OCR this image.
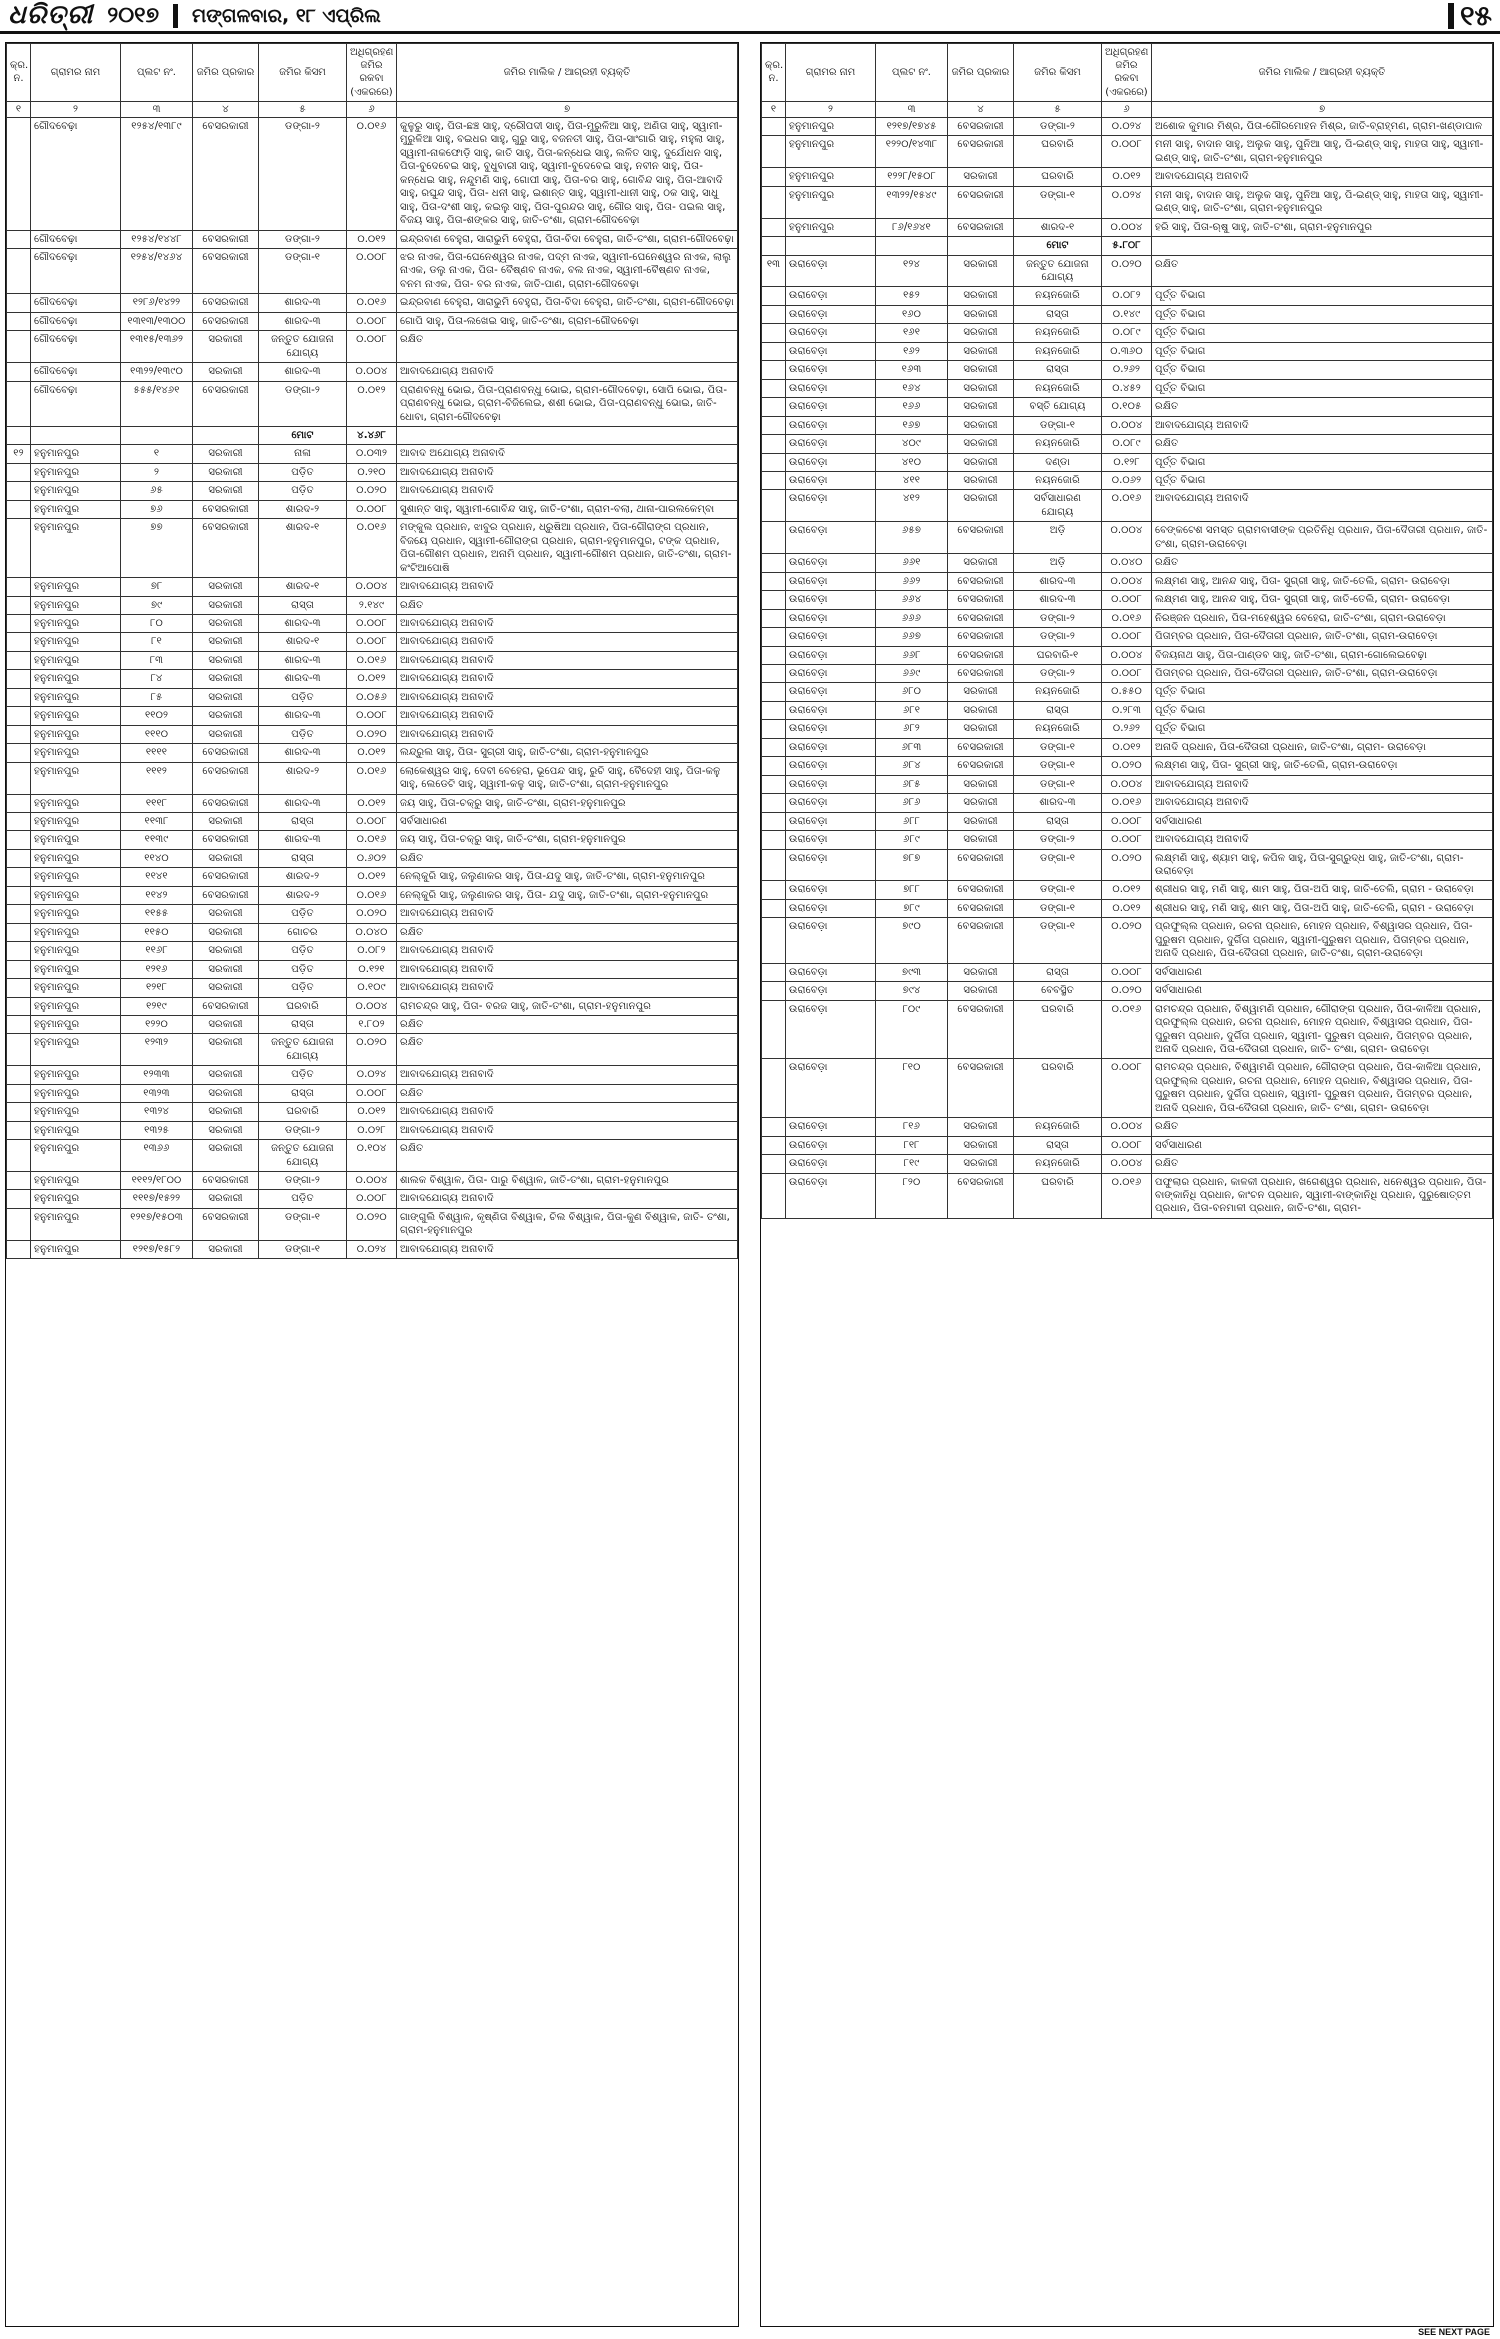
ଧରିତ୍ରୀ ୨୦୧୭ ମଙ୍ଗଳବାର, ୧୮ ଏପ୍ରିଲ	୧୫
କ୍ର. ନ.	ଗ୍ରାମର ନାମ	ପ୍ଲଟ ନଂ.	ଜମିର ପ୍ରକାର	ଜମିର କିସମ	ଅଧିଗ୍ରହଣ ଜମିର ରକବା (ଏକରରେ)	ଜମିର ମାଲିକ / ଆଗ୍ରହୀ ବ୍ୟକ୍ତି
୧	୨	୩	୪	୫	୬	୭
	ଗୌଦବେଢ଼ା	୧୨୫୪/୧୩୮୯	ବେସରକାରୀ	ଡଙ୍ଗା-୨	୦.୦୧୬	କୁଳୁରୁ ସାହୁ, ପିତା-ଛଞ୍ଚ ସାହୁ, ଦ୍ରୌପଦୀ ସାହୁ, ପିତା-ମୁରୁଳିଆ ସାହୁ, ଅଣିତା ସାହୁ, ସ୍ୱାମୀ-ମୁରୁଳିଆ ସାହୁ, ବଇଧର ସାହୁ, ଗୁରୁ ସାହୁ, ବଜନତୀ ସାହୁ, ପିତା-ସାଂଗାରି ସାହୁ, ମହୁଲା ସାହୁ, ସ୍ୱାମୀ-ନାକଫୋଡ଼ି ସାହୁ, କାତି ସାହୁ, ପିତା-କନ୍ଧେଇ ସାହୁ, ଲଳିତ ସାହୁ, ଦୁର୍ଯୋଧନ ସାହୁ, ପିତା-ବୁଦେବେଇ ସାହୁ, ବୁଧୁବାରୀ ସାହୁ, ସ୍ୱାମୀ-ବୁଦେବେଇ ସାହୁ, ନବୀନ ସାହୁ, ପିତା-କନ୍ଧେଇ ସାହୁ, ନନ୍ଦୁମଣି ସାହୁ, ଗୋପୀ ସାହୁ, ପିତା-ବର ସାହୁ, ଗୋବିନ୍ଦ ସାହୁ, ପିତା-ଆବାଦି ସାହୁ, ରଘୁନ୍ଦ ସାହୁ, ପିତା- ଧନୀ ସାହୁ, ଇଶାନ୍ତ ସାହୁ, ସ୍ୱାମୀ-ଧାନୀ ସାହୁ, ଠକ ସାହୁ, ସାଧୁ ସାହୁ, ପିତା-ଦଂଶୀ ସାହୁ, କଇଲୁ ସାହୁ, ପିତା-ପୁରନ୍ଦର ସାହୁ, ଗୌର ସାହୁ, ପିତା- ପଇଲ ସାହୁ, ବିଜୟ ସାହୁ, ପିତା-ଶଙ୍କର ସାହୁ, ଜାତି-ତଂଶା, ଗ୍ରାମ-ଗୌଦବେଢ଼ା
	ଗୌଦବେଢ଼ା	୧୨୫୪/୧୪୪୮	ବେସରକାରୀ	ଡଙ୍ଗା-୨	୦.୦୧୨	ଇନ୍ଦ୍ରବାଣ ବେହୁରା, ସାରାଭୁମି ବେହୁରା, ପିତା-ବିଦା ବେହୁରା, ଜାତି-ତଂଶା, ଗ୍ରାମ-ଗୌଦବେଢ଼ା
	ଗୌଦବେଢ଼ା	୧୨୫୪/୧୪୬୪	ବେସରକାରୀ	ଡଙ୍ଗା-୧	୦.୦୦୮	ଝର ନାଏକ, ପିତା-ଘେନେଶ୍ୱର ନାଏକ, ପଦ୍ମ ନାଏକ, ସ୍ୱାମୀ-ଘେନେଶ୍ୱର ନାଏକ, ଲାଲୁ ନାଏକ, ଡଲୁ ନାଏକ, ପିତା- ବୈଷ୍ଣବ ନାଏକ, ବଲ ନାଏକ, ସ୍ୱାମୀ-ବୈଷ୍ଣବ ନାଏକ, ବନମ ନାଏକ, ପିତା- ବର ନାଏକ, ଜାତି-ପାଣ, ଗ୍ରାମ-ଗୌଦବେଢ଼ା
	ଗୌଦବେଢ଼ା	୧୨୮୬/୧୪୨୨	ବେସରକାରୀ	ଶାରଦ-୩	୦.୦୧୬	ଇନ୍ଦ୍ରବାଣ ବେହୁରା, ସାରାଭୁମି ବେହୁରା, ପିତା-ବିଦା ବେହୁରା, ଜାତି-ତଂଶା, ଗ୍ରାମ-ଗୌଦବେଢ଼ା
	ଗୌଦବେଢ଼ା	୧୩୧୩/୧୩୦୦	ବେସରକାରୀ	ଶାରଦ-୩	୦.୦୦୮	ଗୋପି ସାହୁ, ପିତା-ଲଖେଇ ସାହୁ, ଜାତି-ତଂଶା, ଗ୍ରାମ-ଗୌଦବେଢ଼ା
	ଗୌଦବେଢ଼ା	୧୩୧୫/୧୩୬୨	ସରକାରୀ	ଜନ୍ତୁତ ଯୋଜନା ଯୋଗ୍ୟ	୦.୦୦୮	ରକ୍ଷିତ
	ଗୌଦବେଢ଼ା	୧୩୨୨/୧୩୯୦	ସରକାରୀ	ଶାରଦ-୩	୦.୦୦୪	ଆବାଦଯୋଗ୍ୟ ଅନାବାଦି
	ଗୌଦବେଢ଼ା	୫୫୫/୧୪୬୧	ବେସରକାରୀ	ଡଙ୍ଗା-୨	୦.୦୧୨	ପ୍ରାଣବନ୍ଧୁ ଭୋଇ, ପିତା-ପ୍ରାଣବନ୍ଧୁ ଭୋଇ, ଗ୍ରାମ-ଗୌଦବେଢ଼ା, ସୋପି ଭୋଇ, ପିତା-ପ୍ରାଣବନ୍ଧୁ ଭୋଇ, ଗ୍ରାମ-ବିଜିଲେଇ, ଶଶୀ ଭୋଇ, ପିତା-ପ୍ରାଣବନ୍ଧୁ ଭୋଇ, ଜାତି-ଧୋବା, ଗ୍ରାମ-ଗୌଦବେଢ଼ା
				ମୋଟ	୪.୪୬୮	
୧୨	ହନୁମାନପୁର	୧	ସରକାରୀ	ନାଳା	୦.୦୩୨	ଆବାଦ ଅଯୋଗ୍ୟ ଅନାବାଦି
	ହନୁମାନପୁର	୨	ସରକାରୀ	ପଡ଼ିତ	୦.୨୧୦	ଆବାଦଯୋଗ୍ୟ ଅନାବାଦି
	ହନୁମାନପୁର	୬୫	ସରକାରୀ	ପଡ଼ିତ	୦.୦୨୦	ଆବାଦଯୋଗ୍ୟ ଅନାବାଦି
	ହନୁମାନପୁର	୭୬	ବେସରକାରୀ	ଶାରଦ-୨	୦.୦୦୮	ସୁଶାନ୍ତ ସାହୁ, ସ୍ୱାମୀ-ଗୋବିନ୍ଦ ସାହୁ, ଜାତି-ତଂଶା, ଗ୍ରାମ-ବଲା, ଥାନା-ପାରଲକେମ୍ବା
	ହନୁମାନପୁର	୭୭	ବେସରକାରୀ	ଶାରଦ-୧	୦.୦୧୬	ମଙ୍କୁଲ ପ୍ରଧାନ, ଝାବୁର ପ୍ରଧାନ, ଧ୍ରୁଷିଆ ପ୍ରଧାନ, ପିତା-ଗୌରାଙ୍ଗ ପ୍ରଧାନ, ବିଜୟେ ପ୍ରଧାନ, ସ୍ୱାମୀ-ଗୌରାଙ୍ଗ ପ୍ରଧାନ, ଗ୍ରାମ-ହନୁମାନପୁର, ଟଙ୍କ ପ୍ରଧାନ, ପିତା-ଗୌଶମ ପ୍ରଧାନ, ଅନାମି ପ୍ରଧାନ, ସ୍ୱାମୀ-ଗୌଶମ ପ୍ରଧାନ, ଜାତି-ତଂଶା, ଗ୍ରାମ-କଂଟିଆପୋଷି
	ହନୁମାନପୁର	୭୮	ସରକାରୀ	ଶାରଦ-୧	୦.୦୦୪	ଆବାଦଯୋଗ୍ୟ ଅନାବାଦି
	ହନୁମାନପୁର	୭୯	ସରକାରୀ	ରାସ୍ତା	୨.୧୪୯	ରକ୍ଷିତ
	ହନୁମାନପୁର	୮୦	ସରକାରୀ	ଶାରଦ-୩	୦.୦୦୮	ଆବାଦଯୋଗ୍ୟ ଅନାବାଦି
	ହନୁମାନପୁର	୮୧	ସରକାରୀ	ଶାରଦ-୧	୦.୦୦୮	ଆବାଦଯୋଗ୍ୟ ଅନାବାଦି
	ହନୁମାନପୁର	୮୩	ସରକାରୀ	ଶାରଦ-୩	୦.୦୧୬	ଆବାଦଯୋଗ୍ୟ ଅନାବାଦି
	ହନୁମାନପୁର	୮୪	ସରକାରୀ	ଶାରଦ-୩	୦.୦୧୨	ଆବାଦଯୋଗ୍ୟ ଅନାବାଦି
	ହନୁମାନପୁର	୮୫	ସରକାରୀ	ପଡ଼ିତ	୦.୦୫୬	ଆବାଦଯୋଗ୍ୟ ଅନାବାଦି
	ହନୁମାନପୁର	୧୧୦୨	ସରକାରୀ	ଶାରଦ-୩	୦.୦୦୮	ଆବାଦଯୋଗ୍ୟ ଅନାବାଦି
	ହନୁମାନପୁର	୧୧୧୦	ସରକାରୀ	ପଡ଼ିତ	୦.୦୨୦	ଆବାଦଯୋଗ୍ୟ ଅନାବାଦି
	ହନୁମାନପୁର	୧୧୧୧	ବେସରକାରୀ	ଶାରଦ-୩	୦.୦୧୨	ଲନ୍ଦ୍ରୁଲ ସାହୁ, ପିତା- ସୁଗ୍ରୀ ସାହୁ, ଜାତି-ତଂଶା, ଗ୍ରାମ-ହନୁମାନପୁର
	ହନୁମାନପୁର	୧୧୧୨	ବେସରକାରୀ	ଶାରଦ-୨	୦.୦୧୬	ଲୋକେଶ୍ୱର ସାହୁ, ଦେବୀ ବେହେରା, ଭୂପେନ୍ଦ ସାହୁ, ରୁଚି ସାହୁ, ବୈଦେହୀ ସାହୁ, ପିତା-କଳୁ ସାହୁ, ଲେଡେଟି ସାହୁ, ସ୍ୱାମୀ-କଳୁ ସାହୁ, ଜାତି-ତଂଶା, ଗ୍ରାମ-ହନୁମାନପୁର
	ହନୁମାନପୁର	୧୧୧୮	ବେସରକାରୀ	ଶାରଦ-୩	୦.୦୧୨	ଜୟ ସାହୁ, ପିତା-ଚକ୍ରୁ ସାହୁ, ଜାତି-ତଂଶା, ଗ୍ରାମ-ହନୁମାନପୁର
	ହନୁମାନପୁର	୧୧୩୮	ସରକାରୀ	ରାସ୍ତା	୦.୦୦୮	ସର୍ବସାଧାରଣ
	ହନୁମାନପୁର	୧୧୩୯	ବେସରକାରୀ	ଶାରଦ-୩	୦.୦୧୬	ଜୟ ସାହୁ, ପିତା-ଚକ୍ରୁ ସାହୁ, ଜାତି-ତଂଶା, ଗ୍ରାମ-ହନୁମାନପୁର
	ହନୁମାନପୁର	୧୧୪୦	ସରକାରୀ	ରାସ୍ତା	୦.୬୦୨	ରକ୍ଷିତ
	ହନୁମାନପୁର	୧୧୪୧	ବେସରକାରୀ	ଶାରଦ-୨	୦.୦୧୨	ନେଲ୍କୁରି ସାହୁ, ଜଲୁଣାକର ସାହୁ, ପିତା-ଯଦୁ ସାହୁ, ଜାତି-ତଂଶା, ଗ୍ରାମ-ହନୁମାନପୁର
	ହନୁମାନପୁର	୧୧୪୨	ବେସରକାରୀ	ଶାରଦ-୨	୦.୦୧୬	ନେଲ୍କୁରି ସାହୁ, ଜଲୁଣାକର ସାହୁ, ପିତା- ଯଦୁ ସାହୁ, ଜାତି-ତଂଶା, ଗ୍ରାମ-ହନୁମାନପୁର
	ହନୁମାନପୁର	୧୧୫୫	ସରକାରୀ	ପଡ଼ିତ	୦.୦୨୦	ଆବାଦଯୋଗ୍ୟ ଅନାବାଦି
	ହନୁମାନପୁର	୧୧୫୦	ସରକାରୀ	ଗୋଚର	୦.୦୪୦	ରକ୍ଷିତ
	ହନୁମାନପୁର	୧୧୬୮	ସରକାରୀ	ପଡ଼ିତ	୦.୦୮୨	ଆବାଦଯୋଗ୍ୟ ଅନାବାଦି
	ହନୁମାନପୁର	୧୨୧୬	ସରକାରୀ	ପଡ଼ିତ	୦.୧୨୧	ଆବାଦଯୋଗ୍ୟ ଅନାବାଦି
	ହନୁମାନପୁର	୧୨୧୮	ସରକାରୀ	ପଡ଼ିତ	୦.୧୦୯	ଆବାଦଯୋଗ୍ୟ ଅନାବାଦି
	ହନୁମାନପୁର	୧୨୧୯	ବେସରକାରୀ	ଘରବାରି	୦.୦୦୪	ରାମଚନ୍ଦ୍ର ସାହୁ, ପିତା- ବରଜ ସାହୁ, ଜାତି-ତଂଶା, ଗ୍ରାମ-ହନୁମାନପୁର
	ହନୁମାନପୁର	୧୨୨୦	ସରକାରୀ	ରାସ୍ତା	୧.୮୦୨	ରକ୍ଷିତ
	ହନୁମାନପୁର	୧୨୩୨	ସରକାରୀ	ଜନ୍ତୁତ ଯୋଜନା ଯୋଗ୍ୟ	୦.୦୨୦	ରକ୍ଷିତ
	ହନୁମାନପୁର	୧୨୩୩	ସରକାରୀ	ପଡ଼ିତ	୦.୦୨୪	ଆବାଦଯୋଗ୍ୟ ଅନାବାଦି
	ହନୁମାନପୁର	୧୩୨୩	ସରକାରୀ	ରାସ୍ତା	୦.୦୦୮	ରକ୍ଷିତ
	ହନୁମାନପୁର	୧୩୨୪	ସରକାରୀ	ଘରବାରି	୦.୦୧୨	ଆବାଦଯୋଗ୍ୟ ଅନାବାଦି
	ହନୁମାନପୁର	୧୩୨୫	ସରକାରୀ	ଡଙ୍ଗା-୨	୦.୦୨୮	ଆବାଦଯୋଗ୍ୟ ଅନାବାଦି
	ହନୁମାନପୁର	୧୩୬୬	ସରକାରୀ	ଜନ୍ତୁତ ଯୋଜନା ଯୋଗ୍ୟ	୦.୧୦୪	ରକ୍ଷିତ
	ହନୁମାନପୁର	୧୧୧୨/୧୮୦୦	ବେସରକାରୀ	ଡଙ୍ଗା-୨	୦.୦୦୪	ଶାଲକ ବିଶ୍ୱାଳ, ପିତା- ପାରୁ ବିଶ୍ୱାଳ, ଜାତି-ତଂଶା, ଗ୍ରାମ-ହନୁମାନପୁର
	ହନୁମାନପୁର	୧୧୧୭/୧୫୨୨	ସରକାରୀ	ପଡ଼ିତ	୦.୦୦୮	ଆବାଦଯୋଗ୍ୟ ଅନାବାଦି
	ହନୁମାନପୁର	୧୨୧୭/୧୫୦୩	ବେସରକାରୀ	ଡଙ୍ଗା-୧	୦.୦୨୦	ଗାଙ୍ଗୁଲି ବିଶ୍ୱାଳ, କୃଷ୍ଣିତା ବିଶ୍ୱାଳ, ଚିଲ ବିଶ୍ୱାଳ, ପିତା-କୁଣ ବିଶ୍ୱାଳ, ଜାତି- ତଂଶା, ଗ୍ରାମ-ହନୁମାନପୁର
	ହନୁମାନପୁର	୧୨୧୭/୧୫୮୨	ସରକାରୀ	ଡଙ୍ଗା-୧	୦.୦୨୪	ଆବାଦଯୋଗ୍ୟ ଅନାବାଦି
କ୍ର. ନ.	ଗ୍ରାମର ନାମ	ପ୍ଲଟ ନଂ.	ଜମିର ପ୍ରକାର	ଜମିର କିସମ	ଅଧିଗ୍ରହଣ ଜମିର ରକବା (ଏକରରେ)	ଜମିର ମାଲିକ / ଆଗ୍ରହୀ ବ୍ୟକ୍ତି
୧	୨	୩	୪	୫	୬	୭
	ହନୁମାନପୁର	୧୨୧୭/୧୭୪୫	ବେସରକାରୀ	ଡଙ୍ଗା-୨	୦.୦୨୪	ଅଶୋକ କୁମାର ମିଶ୍ର, ପିତା-ଗୌରମୋହନ ମିଶ୍ର, ଜାତି-ବ୍ରାହ୍ମଣ, ଗ୍ରାମ-ଖଣ୍ଡାପାଳ
	ହନୁମାନପୁର	୧୨୨୦/୧୪୩୮	ବେସରକାରୀ	ଘରବାରି	୦.୦୦୮	ମନୀ ସାହୁ, ବାଦାନ ସାହୁ, ଅଲୁକ ସାହୁ, ପୁନିଆ ସାହୁ, ପି-ଇଣ୍ଡ୍ ସାହୁ, ମାହତା ସାହୁ, ସ୍ୱାମୀ-ଇଣ୍ଡ୍ ସାହୁ, ଜାତି-ତଂଶା, ଗ୍ରାମ-ହନୁମାନପୁର
	ହନୁମାନପୁର	୧୨୨୮/୧୫୦୮	ସରକାରୀ	ଘରବାରି	୦.୦୧୨	ଆବାଦଯୋଗ୍ୟ ଅନାବାଦି
	ହନୁମାନପୁର	୧୩୨୨/୧୫୪୯	ବେସରକାରୀ	ଡଙ୍ଗା-୧	୦.୦୨୪	ମନୀ ସାହୁ, ବାଦାନ ସାହୁ, ଅଲୁକ ସାହୁ, ପୁନିଆ ସାହୁ, ପି-ଇଣ୍ଡ୍ ସାହୁ, ମାହତା ସାହୁ, ସ୍ୱାମୀ-ଇଣ୍ଡ୍ ସାହୁ, ଜାତି-ତଂଶା, ଗ୍ରାମ-ହନୁମାନପୁର
	ହନୁମାନପୁର	୮୬/୧୬୪୧	ବେସରକାରୀ	ଶାରଦ-୧	୦.୦୦୪	ହରି ସାହୁ, ପିତା-ଋଷୁ ସାହୁ, ଜାତି-ତଂଶା, ଗ୍ରାମ-ହନୁମାନପୁର
				ମୋଟ	୫.୮୦୮	
୧୩	ଉରାବେଡ଼ା	୧୨୪	ସରକାରୀ	ଜନ୍ତୁତ ଯୋଜନା ଯୋଗ୍ୟ	୦.୦୨୦	ରକ୍ଷିତ
	ଉରାବେଡ଼ା	୧୫୨	ସରକାରୀ	ନୟନଜୋରି	୦.୦୮୨	ପୂର୍ତ୍ତ ବିଭାଗ
	ଉରାବେଡ଼ା	୧୬୦	ସରକାରୀ	ରାସ୍ତା	୦.୧୪୯	ପୂର୍ତ୍ତ ବିଭାଗ
	ଉରାବେଡ଼ା	୧୬୧	ସରକାରୀ	ନୟନଜୋରି	୦.୦୮୯	ପୂର୍ତ୍ତ ବିଭାଗ
	ଉରାବେଡ଼ା	୧୬୨	ସରକାରୀ	ନୟନଜୋରି	୦.୩୬୦	ପୂର୍ତ୍ତ ବିଭାଗ
	ଉରାବେଡ଼ା	୧୬୩	ସରକାରୀ	ରାସ୍ତା	୦.୨୬୨	ପୂର୍ତ୍ତ ବିଭାଗ
	ଉରାବେଡ଼ା	୧୬୪	ସରକାରୀ	ନୟନଜୋରି	୦.୪୫୨	ପୂର୍ତ୍ତ ବିଭାଗ
	ଉରାବେଡ଼ା	୧୬୬	ସରକାରୀ	ବସ୍ତି ଯୋଗ୍ୟ	୦.୧୦୫	ରକ୍ଷିତ
	ଉରାବେଡ଼ା	୧୬୭	ସରକାରୀ	ଡଙ୍ଗା-୧	୦.୦୦୪	ଆବାଦଯୋଗ୍ୟ ଅନାବାଦି
	ଉରାବେଡ଼ା	୪୦୯	ସରକାରୀ	ନୟନଜୋରି	୦.୦୮୯	ରକ୍ଷିତ
	ଉରାବେଡ଼ା	୪୧୦	ସରକାରୀ	ଦଣ୍ଡା	୦.୧୨୮	ପୂର୍ତ୍ତ ବିଭାଗ
	ଉରାବେଡ଼ା	୪୧୧	ସରକାରୀ	ନୟନଜୋରି	୦.୦୬୨	ପୂର୍ତ୍ତ ବିଭାଗ
	ଉରାବେଡ଼ା	୪୧୨	ସରକାରୀ	ସର୍ବସାଧାରଣ ଯୋଗ୍ୟ	୦.୦୧୬	ଆବାଦଯୋଗ୍ୟ ଅନାବାଦି
	ଉରାବେଡ଼ା	୬୫୭	ବେସରକାରୀ	ଅଡ଼ି	୦.୦୦୪	ବେଙ୍କଟେଶ ସମସ୍ତ ଗ୍ରାମବାସୀଙ୍କ ପ୍ରତିନିଧି ପ୍ରଧାନ, ପିତା-ଦୈତାରୀ ପ୍ରଧାନ, ଜାତି-ତଂଶା, ଗ୍ରାମ-ଉରାବେଡ଼ା
	ଉରାବେଡ଼ା	୬୬୧	ସରକାରୀ	ଅଡ଼ି	୦.୦୪୦	ରକ୍ଷିତ
	ଉରାବେଡ଼ା	୬୬୨	ବେସରକାରୀ	ଶାରଦ-୩	୦.୦୦୪	ଲକ୍ଷ୍ମଣ ସାହୁ, ଆନନ୍ଦ ସାହୁ, ପିତା- ସୁଗ୍ରୀ ସାହୁ, ଜାତି-ତେଲି, ଗ୍ରାମ- ଉରାବେଡ଼ା
	ଉରାବେଡ଼ା	୬୬୪	ବେସରକାରୀ	ଶାରଦ-୩	୦.୦୦୮	ଲକ୍ଷ୍ମଣ ସାହୁ, ଆନନ୍ଦ ସାହୁ, ପିତା- ସୁଗ୍ରୀ ସାହୁ, ଜାତି-ତେଲି, ଗ୍ରାମ- ଉରାବେଡ଼ା
	ଉରାବେଡ଼ା	୬୬୬	ବେସରକାରୀ	ଡଙ୍ଗା-୨	୦.୦୧୬	ନିରଞ୍ଜନ ପ୍ରଧାନ, ପିତା-ମହେଶ୍ୱର ବେହେରା, ଜାତି-ତଂଶା, ଗ୍ରାମ-ଉରାବେଡ଼ା
	ଉରାବେଡ଼ା	୬୬୭	ବେସରକାରୀ	ଡଙ୍ଗା-୨	୦.୦୦୮	ପିତାମ୍ବର ପ୍ରଧାନ, ପିତା-ଦୈତାରୀ ପ୍ରଧାନ, ଜାତି-ତଂଶା, ଗ୍ରାମ-ଉରାବେଡ଼ା
	ଉରାବେଡ଼ା	୬୬୮	ବେସରକାରୀ	ଘରବାରି-୧	୦.୦୦୪	ବିଜୟନାଥ ସାହୁ, ପିତା-ପାଣ୍ଡବ ସାହୁ, ଜାତି-ତଂଶା, ଗ୍ରାମ-ଗୋଲେଇବେଢ଼ା
	ଉରାବେଡ଼ା	୬୬୯	ବେସରକାରୀ	ଡଙ୍ଗା-୨	୦.୦୦୮	ପିତାମ୍ବର ପ୍ରଧାନ, ପିତା-ଦୈତାରୀ ପ୍ରଧାନ, ଜାତି-ତଂଶା, ଗ୍ରାମ-ଉରାବେଡ଼ା
	ଉରାବେଡ଼ା	୬୮୦	ସରକାରୀ	ନୟନଜୋରି	୦.୫୫୦	ପୂର୍ତ୍ତ ବିଭାଗ
	ଉରାବେଡ଼ା	୬୮୧	ସରକାରୀ	ରାସ୍ତା	୦.୨୮୩	ପୂର୍ତ୍ତ ବିଭାଗ
	ଉରାବେଡ଼ା	୬୮୨	ସରକାରୀ	ନୟନଜୋରି	୦.୨୬୨	ପୂର୍ତ୍ତ ବିଭାଗ
	ଉରାବେଡ଼ା	୬୮୩	ବେସରକାରୀ	ଡଙ୍ଗା-୧	୦.୦୧୨	ଅନାଦି ପ୍ରଧାନ, ପିତା-ଦୈତାରୀ ପ୍ରଧାନ, ଜାତି-ତଂଶା, ଗ୍ରାମ- ଉରାବେଡ଼ା
	ଉରାବେଡ଼ା	୬୮୪	ବେସରକାରୀ	ଡଙ୍ଗା-୧	୦.୦୨୦	ଲକ୍ଷ୍ମଣ ସାହୁ, ପିତା- ସୁଗ୍ରୀ ସାହୁ, ଜାତି-ତେଲି, ଗ୍ରାମ-ଉରାବେଡ଼ା
	ଉରାବେଡ଼ା	୬୮୫	ସରକାରୀ	ଡଙ୍ଗା-୧	୦.୦୦୪	ଆବାଦଯୋଗ୍ୟ ଅନାବାଦି
	ଉରାବେଡ଼ା	୬୮୬	ସରକାରୀ	ଶାରଦ-୩	୦.୦୧୬	ଆବାଦଯୋଗ୍ୟ ଅନାବାଦି
	ଉରାବେଡ଼ା	୬୮୮	ସରକାରୀ	ରାସ୍ତା	୦.୦୦୮	ସର୍ବସାଧାରଣ
	ଉରାବେଡ଼ା	୬୮୯	ସରକାରୀ	ଡଙ୍ଗା-୨	୦.୦୦୮	ଆବାଦଯୋଗ୍ୟ ଅନାବାଦି
	ଉରାବେଡ଼ା	୭୮୭	ବେସରକାରୀ	ଡଙ୍ଗା-୧	୦.୦୨୦	ଲକ୍ଷ୍ମଣି ସାହୁ, ଶ୍ୟାମ ସାହୁ, କପିଳ ସାହୁ, ପିତା-ସୁଗ୍ରୁଦ୍ଧ ସାହୁ, ଜାତି-ତଂଶା, ଗ୍ରାମ-ଉରାବେଡ଼ା
	ଉରାବେଡ଼ା	୭୮୮	ବେସରକାରୀ	ଡଙ୍ଗା-୧	୦.୦୧୨	ଶ୍ରୀଧର ସାହୁ, ମଣି ସାହୁ, ଶାମ ସାହୁ, ପିତା-ଅପି ସାହୁ, ଜାତି-ତେଲି, ଗ୍ରାମ - ଉରାବେଡ଼ା
	ଉରାବେଡ଼ା	୭୮୯	ବେସରକାରୀ	ଡଙ୍ଗା-୧	୦.୦୧୨	ଶ୍ରୀଧର ସାହୁ, ମଣି ସାହୁ, ଶାମ ସାହୁ, ପିତା-ଅପି ସାହୁ, ଜାତି-ତେଲି, ଗ୍ରାମ - ଉରାବେଡ଼ା
	ଉରାବେଡ଼ା	୭୯୦	ବେସରକାରୀ	ଡଙ୍ଗା-୧	୦.୦୨୦	ପ୍ରଫୁଲ୍ଲ ପ୍ରଧାନ, ରଚନା ପ୍ରଧାନ, ମୋହନ ପ୍ରଧାନ, ବିଶ୍ୱାସର ପ୍ରଧାନ, ପିତା- ପୁରୁଷମ ପ୍ରଧାନ, ଦୁର୍ଗିତା ପ୍ରଧାନ, ସ୍ୱାମୀ-ପୁରୁଷମ ପ୍ରଧାନ, ପିତାମ୍ବର ପ୍ରଧାନ, ଅନାଦି ପ୍ରଧାନ, ପିତା-ଦୈତାରୀ ପ୍ରଧାନ, ଜାତି-ତଂଶା, ଗ୍ରାମ-ଉରାବେଡ଼ା
	ଉରାବେଡ଼ା	୭୯୩	ସରକାରୀ	ରାସ୍ତା	୦.୦୦୮	ସର୍ବସାଧାରଣ
	ଉରାବେଡ଼ା	୭୯୪	ସରକାରୀ	ବେବସ୍ଥିତ	୦.୦୨୦	ସର୍ବସାଧାରଣ
	ଉରାବେଡ଼ା	୮୦୯	ବେସରକାରୀ	ଘରବାରି	୦.୦୧୬	ରାମଚନ୍ଦ୍ର ପ୍ରଧାନ, ବିଶ୍ୱାମଣି ପ୍ରଧାନ, ଗୌରାଙ୍ଗ ପ୍ରଧାନ, ପିତା-କାଳିଆ ପ୍ରଧାନ, ପ୍ରଫୁଲ୍ଲ ପ୍ରଧାନ, ରଚନା ପ୍ରଧାନ, ମୋହନ ପ୍ରଧାନ, ବିଶ୍ୱାସର ପ୍ରଧାନ, ପିତା-ପୁରୁଷମ ପ୍ରଧାନ, ଦୁର୍ଗିତା ପ୍ରଧାନ, ସ୍ୱାମୀ- ପୁରୁଷମ ପ୍ରଧାନ, ପିତାମ୍ବର ପ୍ରଧାନ, ଅନାଦି ପ୍ରଧାନ, ପିତା-ଦୈତାରୀ ପ୍ରଧାନ, ଜାତି- ତଂଶା, ଗ୍ରାମ- ଉରାବେଡ଼ା
	ଉରାବେଡ଼ା	୮୧୦	ବେସରକାରୀ	ଘରବାରି	୦.୦୦୮	ରାମଚନ୍ଦ୍ର ପ୍ରଧାନ, ବିଶ୍ୱାମଣି ପ୍ରଧାନ, ଗୌରାଙ୍ଗ ପ୍ରଧାନ, ପିତା-କାଳିଆ ପ୍ରଧାନ, ପ୍ରଫୁଲ୍ଲ ପ୍ରଧାନ, ରଚନା ପ୍ରଧାନ, ମୋହନ ପ୍ରଧାନ, ବିଶ୍ୱାସର ପ୍ରଧାନ, ପିତା-ପୁରୁଷମ ପ୍ରଧାନ, ଦୁର୍ଗିତା ପ୍ରଧାନ, ସ୍ୱାମୀ- ପୁରୁଷମ ପ୍ରଧାନ, ପିତାମ୍ବର ପ୍ରଧାନ, ଅନାଦି ପ୍ରଧାନ, ପିତା-ଦୈତାରୀ ପ୍ରଧାନ, ଜାତି- ତଂଶା, ଗ୍ରାମ- ଉରାବେଡ଼ା
	ଉରାବେଡ଼ା	୮୧୬	ସରକାରୀ	ନୟନଜୋରି	୦.୦୦୪	ରକ୍ଷିତ
	ଉରାବେଡ଼ା	୮୧୮	ସରକାରୀ	ରାସ୍ତା	୦.୦୦୮	ସର୍ବସାଧାରଣ
	ଉରାବେଡ଼ା	୮୧୯	ସରକାରୀ	ନୟନଜୋରି	୦.୦୦୪	ରକ୍ଷିତ
	ଉରାବେଡ଼ା	୮୨୦	ବେସରକାରୀ	ଘରବାରି	୦.୦୧୬	ପଫୁଲାର ପ୍ରଧାନ, କାଳକୀ ପ୍ରଧାନ, ଖଗେଶ୍ୱର ପ୍ରଧାନ, ଧନେଶ୍ୱର ପ୍ରଧାନ, ପିତା-ବାଙ୍କାନିଧି ପ୍ରଧାନ, କାଂଚନ ପ୍ରଧାନ, ସ୍ୱାମୀ-ବାଙ୍କାନିଧି ପ୍ରଧାନ, ପୁରୁଷୋତ୍ତମ ପ୍ରଧାନ, ପିତା-ବନମାଳୀ ପ୍ରଧାନ, ଜାତି-ତଂଶା, ଗ୍ରାମ-
SEE NEXT PAGE
